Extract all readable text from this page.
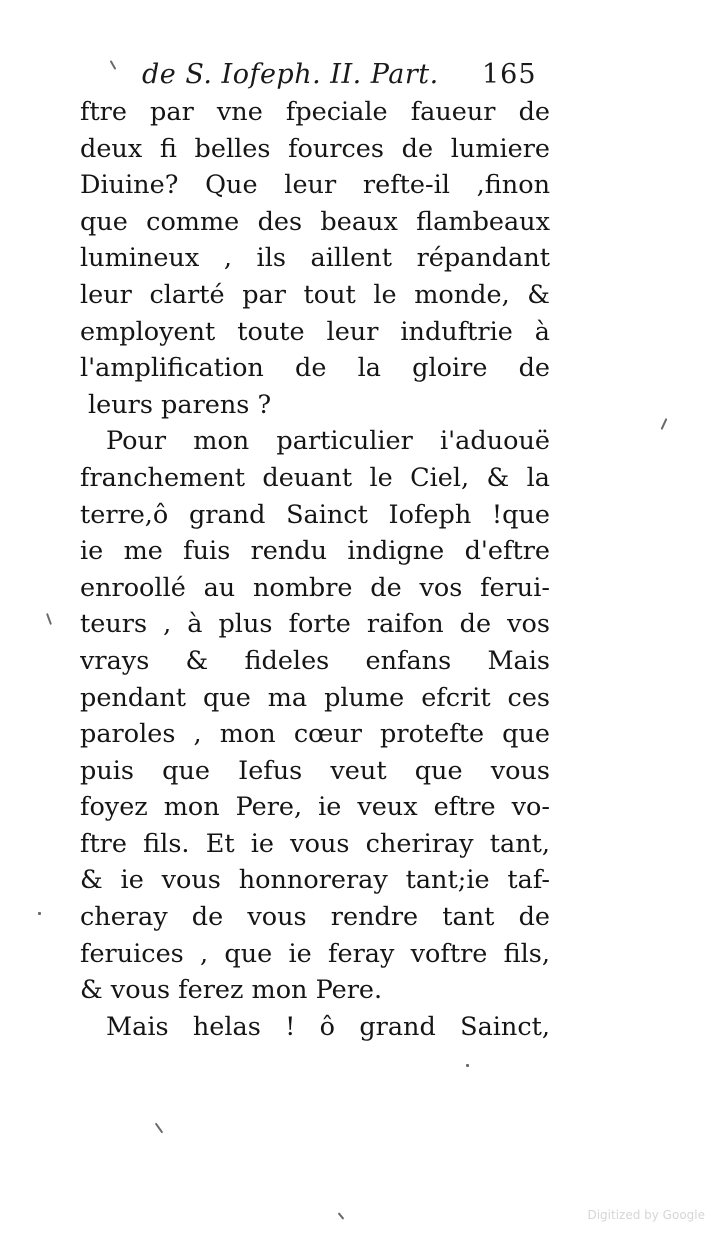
de S. Iofeph. II. Part. 165
ftre par vne fpeciale faueur de
deux fi belles fources de lumiere
Diuine? Que leur refte-il ,finon
que comme des beaux flambeaux
lumineux , ils aillent répandant
leur clarté par tout le monde, &
employent toute leur induftrie à
l'amplification de la gloire de
leurs parens ?
Pour mon particulier i'aduouë
franchement deuant le Ciel, & la
terre,ô grand Sainct Iofeph !que
ie me fuis rendu indigne d'eftre
enroollé au nombre de vos ferui-
teurs , à plus forte raifon de vos
vrays & fideles enfans Mais
pendant que ma plume efcrit ces
paroles , mon cœur protefte que
puis que Iefus veut que vous
foyez mon Pere, ie veux eftre vo-
ftre fils. Et ie vous cheriray tant,
& ie vous honnoreray tant;ie taf-
cheray de vous rendre tant de
feruices , que ie feray voftre fils,
& vous ferez mon Pere.
Mais helas ! ô grand Sainct,
Digitized by Google
